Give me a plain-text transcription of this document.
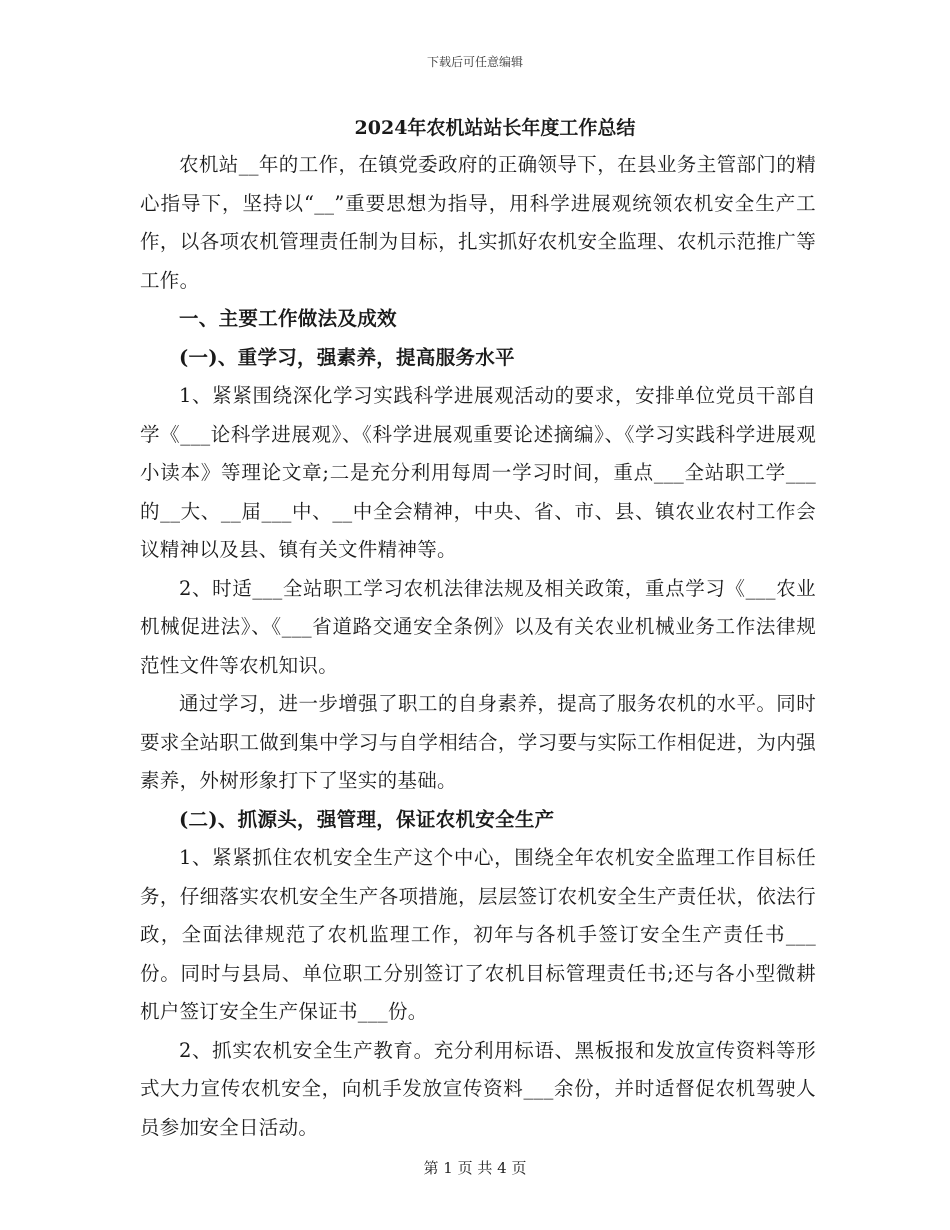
下载后可任意编辑
2024年农机站站长年度工作总结

农机站__年的工作，在镇党委政府的正确领导下，在县业务主管部门的精心指导下，坚持以“__”重要思想为指导，用科学进展观统领农机安全生产工作，以各项农机管理责任制为目标，扎实抓好农机安全监理、农机示范推广等工作。

一、主要工作做法及成效

(一)、重学习，强素养，提高服务水平

1、紧紧围绕深化学习实践科学进展观活动的要求，安排单位党员干部自学《___论科学进展观》、《科学进展观重要论述摘编》、《学习实践科学进展观小读本》等理论文章;二是充分利用每周一学习时间，重点___全站职工学___的__大、__届___中、__中全会精神，中央、省、市、县、镇农业农村工作会议精神以及县、镇有关文件精神等。

2、时适___全站职工学习农机法律法规及相关政策，重点学习《___农业机械促进法》、《___省道路交通安全条例》以及有关农业机械业务工作法律规范性文件等农机知识。

通过学习，进一步增强了职工的自身素养，提高了服务农机的水平。同时要求全站职工做到集中学习与自学相结合，学习要与实际工作相促进，为内强素养，外树形象打下了坚实的基础。

(二)、抓源头，强管理，保证农机安全生产

1、紧紧抓住农机安全生产这个中心，围绕全年农机安全监理工作目标任务，仔细落实农机安全生产各项措施，层层签订农机安全生产责任状，依法行政，全面法律规范了农机监理工作，初年与各机手签订安全生产责任书___份。同时与县局、单位职工分别签订了农机目标管理责任书;还与各小型微耕机户签订安全生产保证书___份。

2、抓实农机安全生产教育。充分利用标语、黑板报和发放宣传资料等形式大力宣传农机安全，向机手发放宣传资料___余份，并时适督促农机驾驶人员参加安全日活动。

第 1 页 共 4 页
